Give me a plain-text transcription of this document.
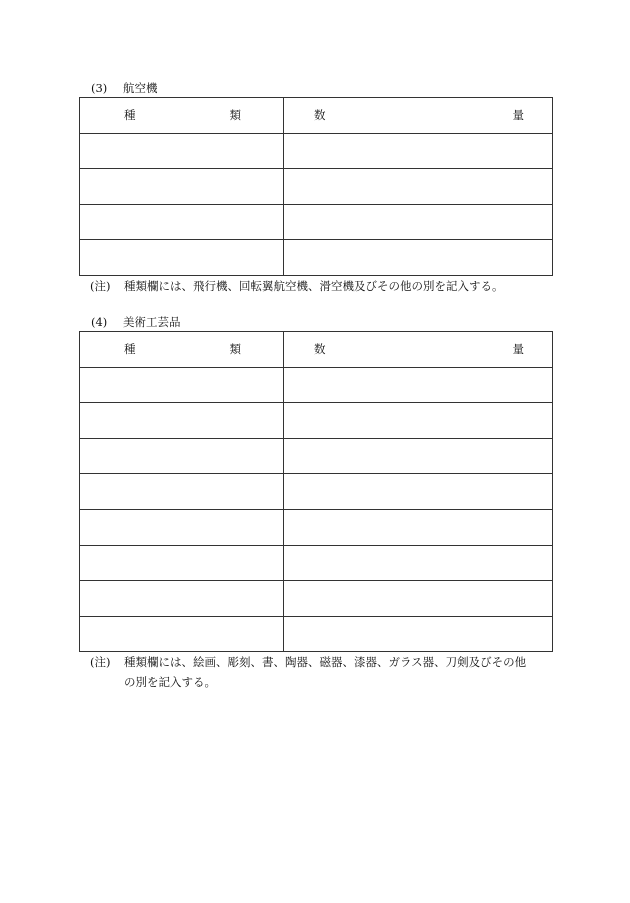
(3) 航空機
種 類	数 量

(注) 種類欄には、飛行機、回転翼航空機、滑空機及びその他の別を記入する。
(4) 美術工芸品
種 類	数 量

(注) 種類欄には、絵画、彫刻、書、陶器、磁器、漆器、ガラス器、刀剣及びその他
の別を記入する。
